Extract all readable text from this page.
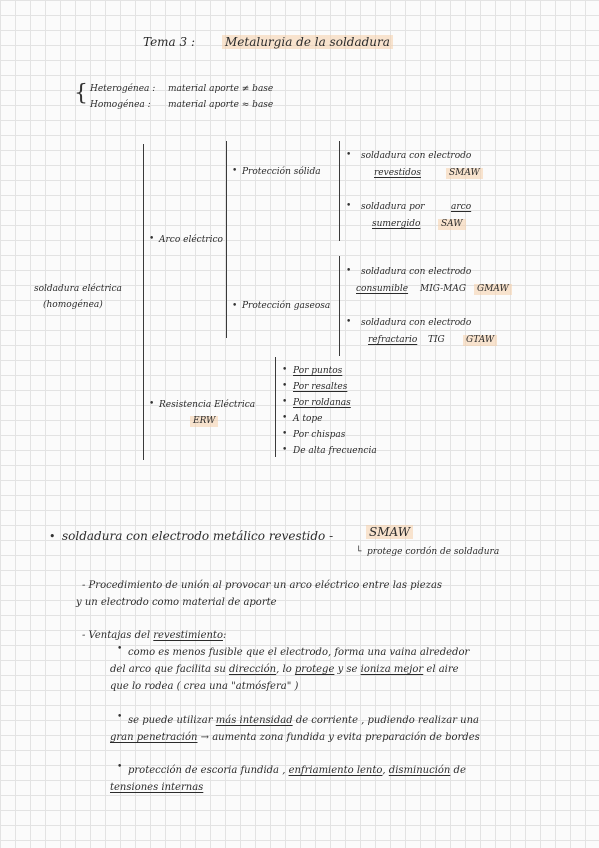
Tema 3 : Metalurgia de la soldadura
{ Heterogénea : material aporte ≠ base
Homogénea : material aporte ≈ base
soldadura eléctrica
(homogénea)
• Arco eléctrico
• Protección sólida
• Protección gaseosa
• soldadura con electrodo
revestidos	SMAW
• soldadura por	arco
sumergido	SAW
• soldadura con electrodo
consumible MIG-MAG	GMAW
• soldadura con electrodo
refractario TIG	GTAW
• Resistencia Eléctrica
ERW
• Por puntos
• Por resaltes
• Por roldanas
• A tope
• Por chispas
• De alta frecuencia
• soldadura con electrodo metálico revestido -	SMAW
└ protege cordón de soldadura
- Procedimiento de unión al provocar un arco eléctrico entre las piezas
y un electrodo como material de aporte
- Ventajas del revestimiento:
• como es menos fusible que el electrodo, forma una vaina alrededor
del arco que facilita su dirección, lo protege y se ioniza mejor el aire
que lo rodea ( crea una "atmósfera" )
• se puede utilizar más intensidad de corriente , pudiendo realizar una
gran penetración → aumenta zona fundida y evita preparación de bordes
• protección de escoria fundida , enfriamiento lento, disminución de
tensiones internas
